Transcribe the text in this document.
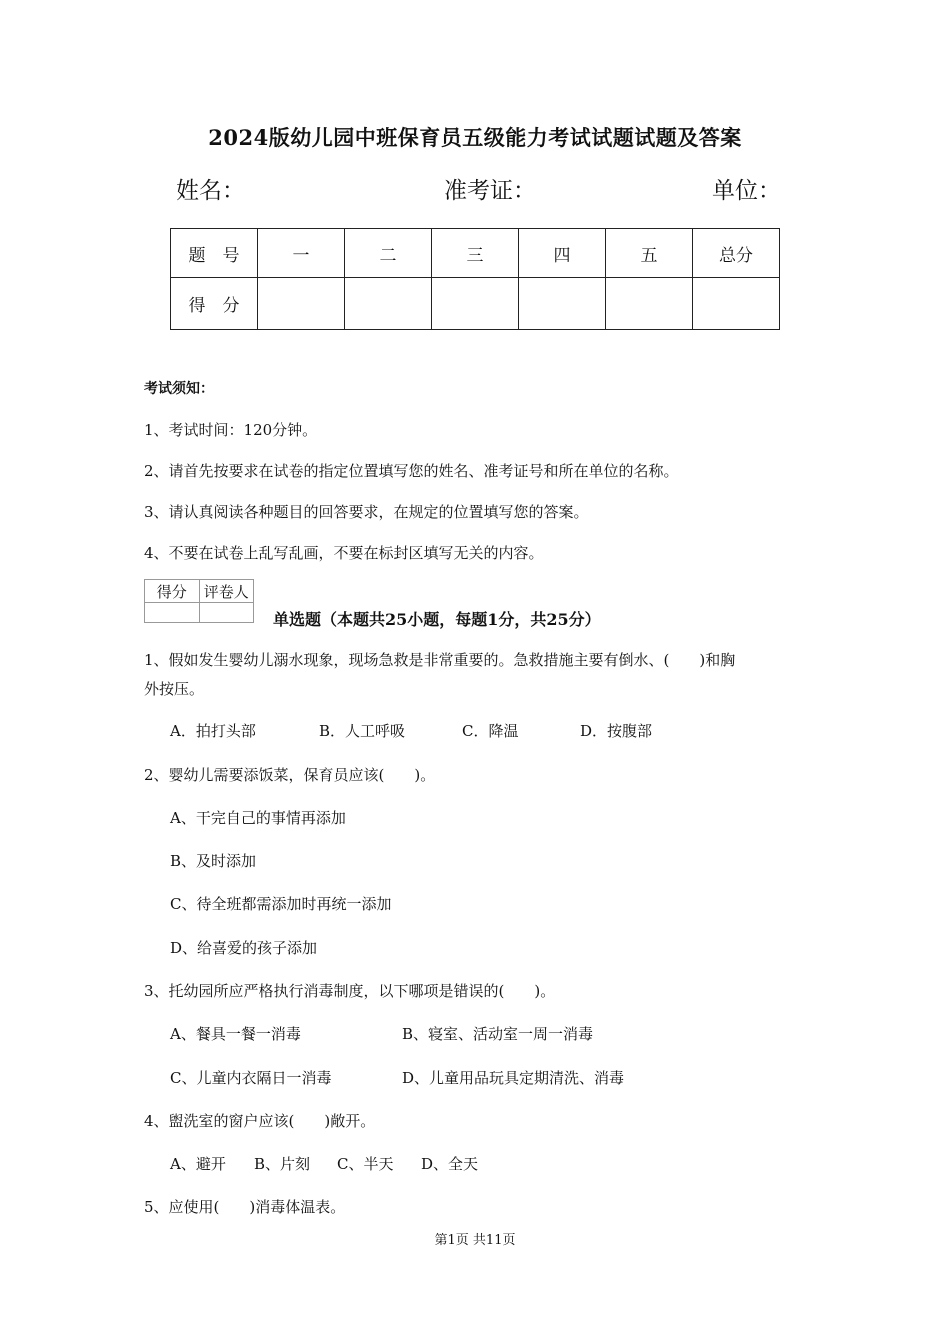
2024版幼儿园中班保育员五级能力考试试题试题及答案
姓名：	准考证：	单位：
题　号	一	二	三	四	五	总分
得　分						
考试须知：
1、考试时间：120分钟。
2、请首先按要求在试卷的指定位置填写您的姓名、准考证号和所在单位的名称。
3、请认真阅读各种题目的回答要求，在规定的位置填写您的答案。
4、不要在试卷上乱写乱画，不要在标封区填写无关的内容。
得分	评卷人

单选题（本题共25小题，每题1分，共25分）
1、假如发生婴幼儿溺水现象，现场急救是非常重要的。急救措施主要有倒水、(　　)和胸
外按压。
A．拍打头部	B．人工呼吸	C．降温	D．按腹部
2、婴幼儿需要添饭菜，保育员应该(　　)。
A、干完自己的事情再添加
B、及时添加
C、待全班都需添加时再统一添加
D、给喜爱的孩子添加
3、托幼园所应严格执行消毒制度，以下哪项是错误的(　　)。
A、餐具一餐一消毒	B、寝室、活动室一周一消毒
C、儿童内衣隔日一消毒	D、儿童用品玩具定期清洗、消毒
4、盥洗室的窗户应该(　　)敞开。
A、避开 B、片刻 C、半天 D、全天
5、应使用(　　)消毒体温表。
第1页 共11页
